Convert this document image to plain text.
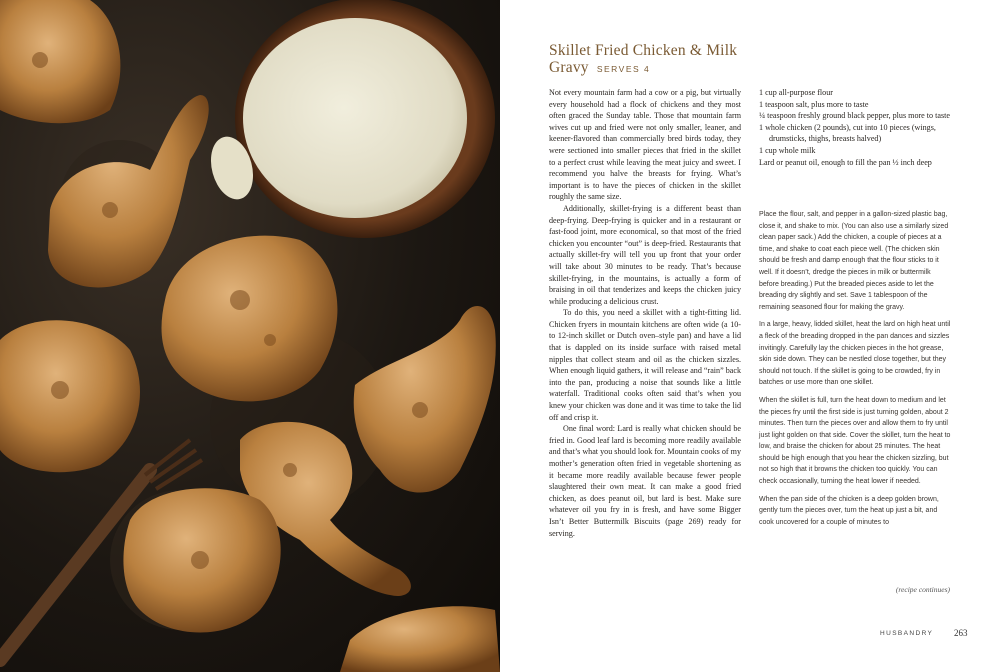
Skillet Fried Chicken & Milk Gravy SERVES 4

Not every mountain farm had a cow or a pig, but virtually every household had a flock of chickens and they most often graced the Sunday table. Those that mountain farm wives cut up and fried were not only smaller, leaner, and keener-flavored than commercially bred birds today, they were sectioned into smaller pieces that fried in the skillet to a perfect crust while leaving the meat juicy and sweet. I recommend you halve the breasts for frying. What’s important is to have the pieces of chicken in the skillet roughly the same size.

Additionally, skillet-frying is a different beast than deep-frying. Deep-frying is quicker and in a restaurant or fast-food joint, more economical, so that most of the fried chicken you encounter “out” is deep-fried. Restaurants that actually skillet-fry will tell you up front that your order will take about 30 minutes to be ready. That’s because skillet-frying, in the mountains, is actually a form of braising in oil that tenderizes and keeps the chicken juicy while producing a delicious crust.

To do this, you need a skillet with a tight-fitting lid. Chicken fryers in mountain kitchens are often wide (a 10- to 12-inch skillet or Dutch oven–style pan) and have a lid that is dappled on its inside surface with raised metal nipples that collect steam and oil as the chicken sizzles. When enough liquid gathers, it will release and “rain” back into the pan, producing a noise that sounds like a little waterfall. Traditional cooks often said that’s when you knew your chicken was done and it was time to take the lid off and crisp it.

One final word: Lard is really what chicken should be fried in. Good leaf lard is becoming more readily available and that’s what you should look for. Mountain cooks of my mother’s generation often fried in vegetable shortening as it became more readily available because fewer people slaughtered their own meat. It can make a good fried chicken, as does peanut oil, but lard is best. Make sure whatever oil you fry in is fresh, and have some Bigger Isn’t Better Buttermilk Biscuits (page 269) ready for serving.

1 cup all-purpose flour
1 teaspoon salt, plus more to taste
¼ teaspoon freshly ground black pepper, plus more to taste
1 whole chicken (2 pounds), cut into 10 pieces (wings, drumsticks, thighs, breasts halved)
1 cup whole milk
Lard or peanut oil, enough to fill the pan ½ inch deep

Place the flour, salt, and pepper in a gallon-sized plastic bag, close it, and shake to mix. (You can also use a similarly sized clean paper sack.) Add the chicken, a couple of pieces at a time, and shake to coat each piece well. (The chicken skin should be fresh and damp enough that the flour sticks to it well. If it doesn’t, dredge the pieces in milk or buttermilk before breading.) Put the breaded pieces aside to let the breading dry slightly and set. Save 1 tablespoon of the remaining seasoned flour for making the gravy.

In a large, heavy, lidded skillet, heat the lard on high heat until a fleck of the breading dropped in the pan dances and sizzles invitingly. Carefully lay the chicken pieces in the hot grease, skin side down. They can be nestled close together, but they should not touch. If the skillet is going to be crowded, fry in batches or use more than one skillet.

When the skillet is full, turn the heat down to medium and let the pieces fry until the first side is just turning golden, about 2 minutes. Then turn the pieces over and allow them to fry until just light golden on that side. Cover the skillet, turn the heat to low, and braise the chicken for about 25 minutes. The heat should be high enough that you hear the chicken sizzling, but not so high that it browns the chicken too quickly. You can check occasionally, turning the heat lower if needed.

When the pan side of the chicken is a deep golden brown, gently turn the pieces over, turn the heat up just a bit, and cook uncovered for a couple of minutes to

(recipe continues)
HUSBANDRY 263
